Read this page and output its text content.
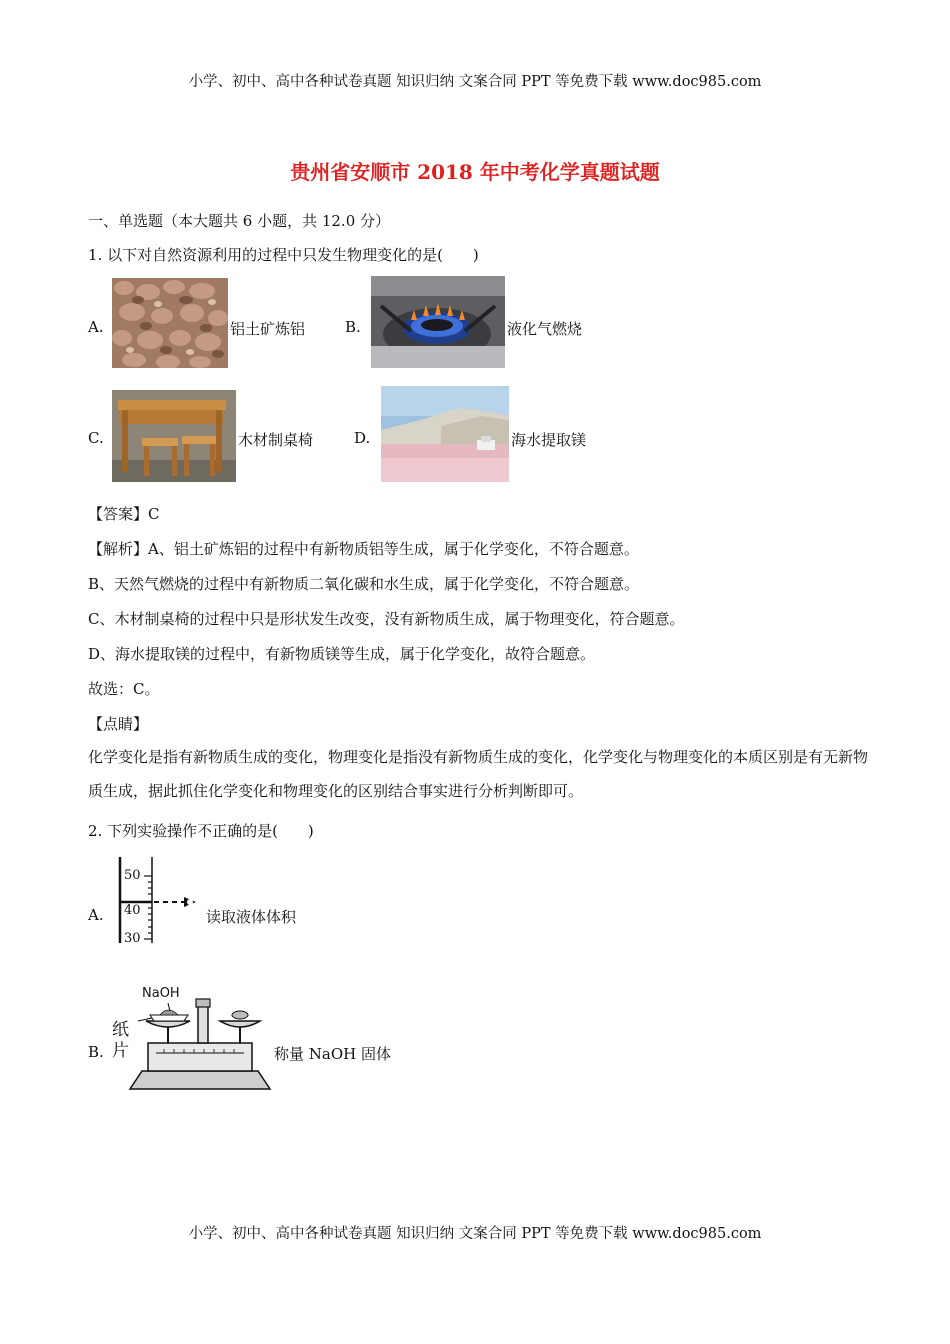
小学、初中、高中各种试卷真题 知识归纳 文案合同 PPT 等免费下载 www.doc985.com
贵州省安顺市 2018 年中考化学真题试题
一、单选题（本大题共 6 小题，共 12.0 分）
1. 以下对自然资源利用的过程中只发生物理变化的是(　　)
A.	铝土矿炼铝	B.	液化气燃烧
C.	木材制桌椅	D.	海水提取镁
【答案】C
【解析】A、铝土矿炼铝的过程中有新物质铝等生成，属于化学变化，不符合题意。
B、天然气燃烧的过程中有新物质二氧化碳和水生成，属于化学变化，不符合题意。
C、木材制桌椅的过程中只是形状发生改变，没有新物质生成，属于物理变化，符合题意。
D、海水提取镁的过程中，有新物质镁等生成，属于化学变化，故符合题意。
故选：C。
【点睛】
化学变化是指有新物质生成的变化，物理变化是指没有新物质生成的变化，化学变化与物理变化的本质区别是有无新物质生成，据此抓住化学变化和物理变化的区别结合事实进行分析判断即可。
2. 下列实验操作不正确的是(　　)
A.
50
40
30
读取液体体积
B.
NaOH
纸
片	称量 NaOH 固体
小学、初中、高中各种试卷真题 知识归纳 文案合同 PPT 等免费下载 www.doc985.com
